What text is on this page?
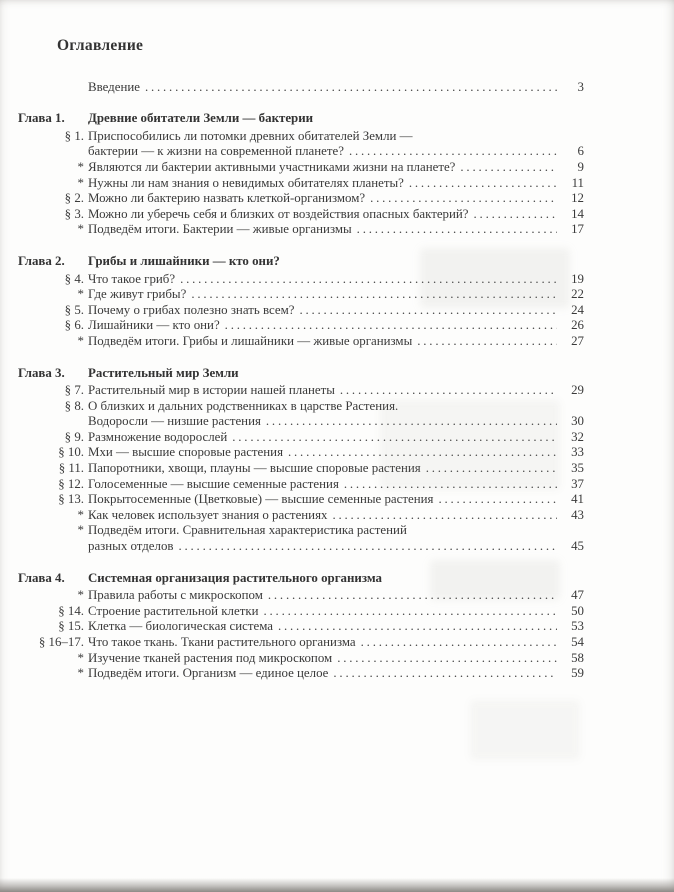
Оглавление
Введение .....	3
Глава 1.	Древние обитатели Земли — бактерии
§ 1. Приспособились ли потомки древних обитателей Земли —
бактерии — к жизни на современной планете? .....	6
* Являются ли бактерии активными участниками жизни на планете? .....	9
* Нужны ли нам знания о невидимых обитателях планеты? .....	11
§ 2. Можно ли бактерию назвать клеткой-организмом? .....	12
§ 3. Можно ли уберечь себя и близких от воздействия опасных бактерий? .....	14
* Подведём итоги. Бактерии — живые организмы .....	17
Глава 2.	Грибы и лишайники — кто они?
§ 4. Что такое гриб? .....	19
* Где живут грибы? .....	22
§ 5. Почему о грибах полезно знать всем? .....	24
§ 6. Лишайники — кто они? .....	26
* Подведём итоги. Грибы и лишайники — живые организмы .....	27
Глава 3.	Растительный мир Земли
§ 7. Растительный мир в истории нашей планеты .....	29
§ 8. О близких и дальних родственниках в царстве Растения.
Водоросли — низшие растения .....	30
§ 9. Размножение водорослей .....	32
§ 10. Мхи — высшие споровые растения .....	33
§ 11. Папоротники, хвощи, плауны — высшие споровые растения .....	35
§ 12. Голосеменные — высшие семенные растения .....	37
§ 13. Покрытосеменные (Цветковые) — высшие семенные растения .....	41
* Как человек использует знания о растениях .....	43
* Подведём итоги. Сравнительная характеристика растений
разных отделов .....	45
Глава 4.	Системная организация растительного организма
* Правила работы с микроскопом .....	47
§ 14. Строение растительной клетки .....	50
§ 15. Клетка — биологическая система .....	53
§ 16–17. Что такое ткань. Ткани растительного организма .....	54
* Изучение тканей растения под микроскопом .....	58
* Подведём итоги. Организм — единое целое .....	59
